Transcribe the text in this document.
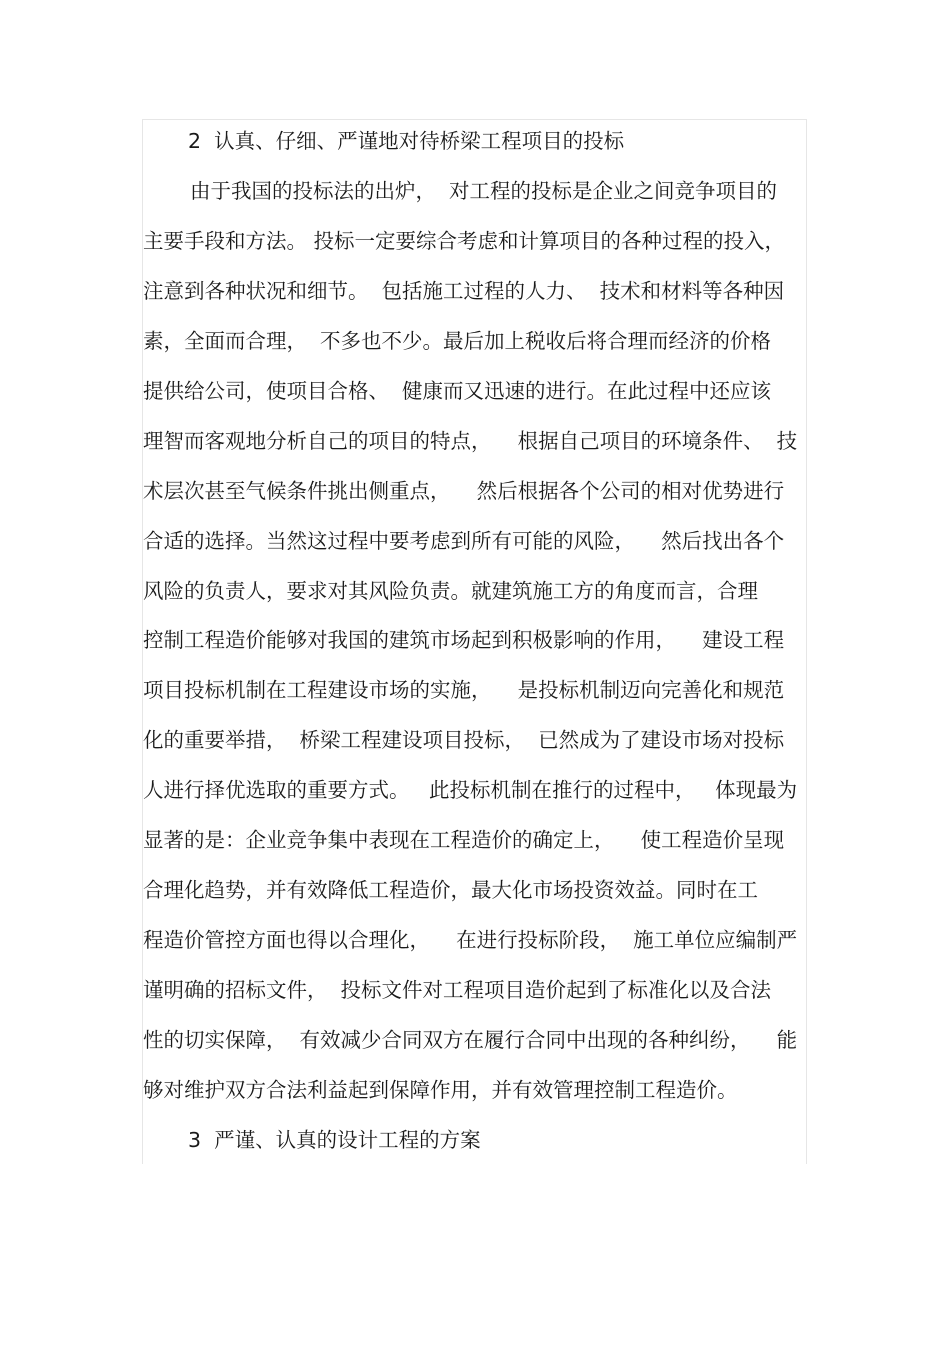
2  认真、仔细、严谨地对待桥梁工程项目的投标
由于我国的投标法的出炉，  对工程的投标是企业之间竞争项目的
主要手段和方法。 投标一定要综合考虑和计算项目的各种过程的投入，
注意到各种状况和细节。  包括施工过程的人力、  技术和材料等各种因
素，全面而合理，  不多也不少。最后加上税收后将合理而经济的价格
提供给公司，使项目合格、  健康而又迅速的进行。在此过程中还应该
理智而客观地分析自己的项目的特点，    根据自己项目的环境条件、  技
术层次甚至气候条件挑出侧重点，    然后根据各个公司的相对优势进行
合适的选择。当然这过程中要考虑到所有可能的风险，    然后找出各个
风险的负责人，要求对其风险负责。就建筑施工方的角度而言，合理
控制工程造价能够对我国的建筑市场起到积极影响的作用，    建设工程
项目投标机制在工程建设市场的实施，    是投标机制迈向完善化和规范
化的重要举措，  桥梁工程建设项目投标，  已然成为了建设市场对投标
人进行择优选取的重要方式。   此投标机制在推行的过程中，   体现最为
显著的是：企业竞争集中表现在工程造价的确定上，    使工程造价呈现
合理化趋势，并有效降低工程造价，最大化市场投资效益。同时在工
程造价管控方面也得以合理化，    在进行投标阶段，  施工单位应编制严
谨明确的招标文件，  投标文件对工程项目造价起到了标准化以及合法
性的切实保障，  有效减少合同双方在履行合同中出现的各种纠纷，    能
够对维护双方合法利益起到保障作用，并有效管理控制工程造价。
3  严谨、认真的设计工程的方案
